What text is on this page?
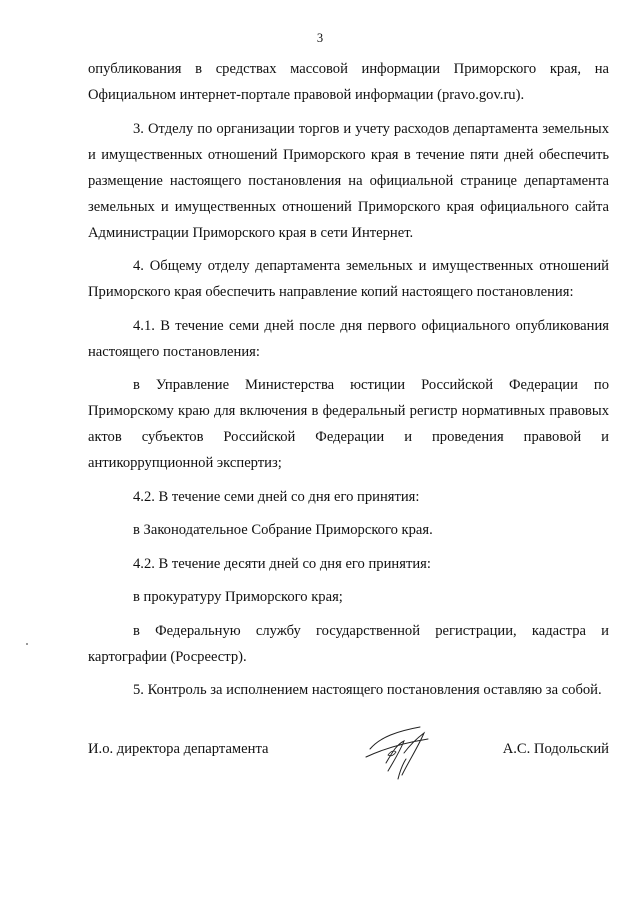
3

опубликования в средствах массовой информации Приморского края, на Официальном интернет-портале правовой информации (pravo.gov.ru).

3. Отделу по организации торгов и учету расходов департамента земельных и имущественных отношений Приморского края в течение пяти дней обеспечить размещение настоящего постановления на официальной странице департамента земельных и имущественных отношений Приморского края официального сайта Администрации Приморского края в сети Интернет.

4. Общему отделу департамента земельных и имущественных отношений Приморского края обеспечить направление копий настоящего постановления:

4.1. В течение семи дней после дня первого официального опубликования настоящего постановления:

в Управление Министерства юстиции Российской Федерации по Приморскому краю для включения в федеральный регистр нормативных правовых актов субъектов Российской Федерации и проведения правовой и антикоррупционной экспертиз;

4.2. В течение семи дней со дня его принятия:

в Законодательное Собрание Приморского края.

4.2. В течение десяти дней со дня его принятия:

в прокуратуру Приморского края;

в Федеральную службу государственной регистрации, кадастра и картографии (Росреестр).

5. Контроль за исполнением настоящего постановления оставляю за собой.

И.о. директора департамента	А.С. Подольский
